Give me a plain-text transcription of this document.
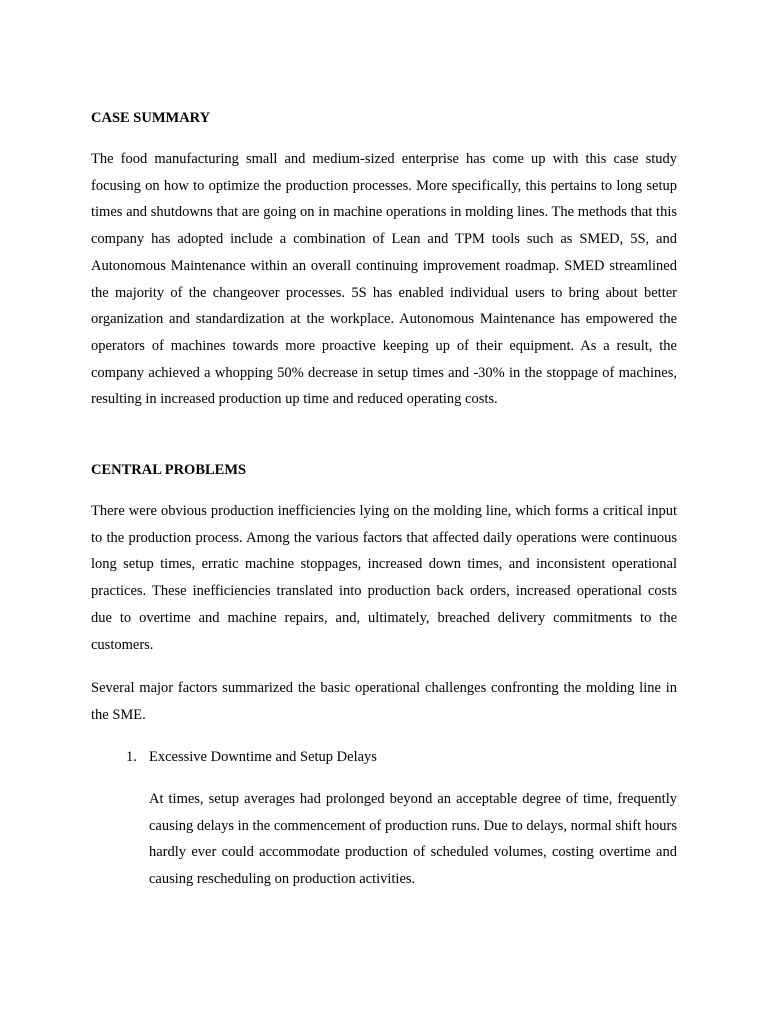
CASE SUMMARY

The food manufacturing small and medium-sized enterprise has come up with this case study focusing on how to optimize the production processes. More specifically, this pertains to long setup times and shutdowns that are going on in machine operations in molding lines. The methods that this company has adopted include a combination of Lean and TPM tools such as SMED, 5S, and Autonomous Maintenance within an overall continuing improvement roadmap. SMED streamlined the majority of the changeover processes. 5S has enabled individual users to bring about better organization and standardization at the workplace. Autonomous Maintenance has empowered the operators of machines towards more proactive keeping up of their equipment. As a result, the company achieved a whopping 50% decrease in setup times and -30% in the stoppage of machines, resulting in increased production up time and reduced operating costs.

CENTRAL PROBLEMS

There were obvious production inefficiencies lying on the molding line, which forms a critical input to the production process. Among the various factors that affected daily operations were continuous long setup times, erratic machine stoppages, increased down times, and inconsistent operational practices. These inefficiencies translated into production back orders, increased operational costs due to overtime and machine repairs, and, ultimately, breached delivery commitments to the customers.

Several major factors summarized the basic operational challenges confronting the molding line in the SME.

1. Excessive Downtime and Setup Delays

At times, setup averages had prolonged beyond an acceptable degree of time, frequently causing delays in the commencement of production runs. Due to delays, normal shift hours hardly ever could accommodate production of scheduled volumes, costing overtime and causing rescheduling on production activities.
